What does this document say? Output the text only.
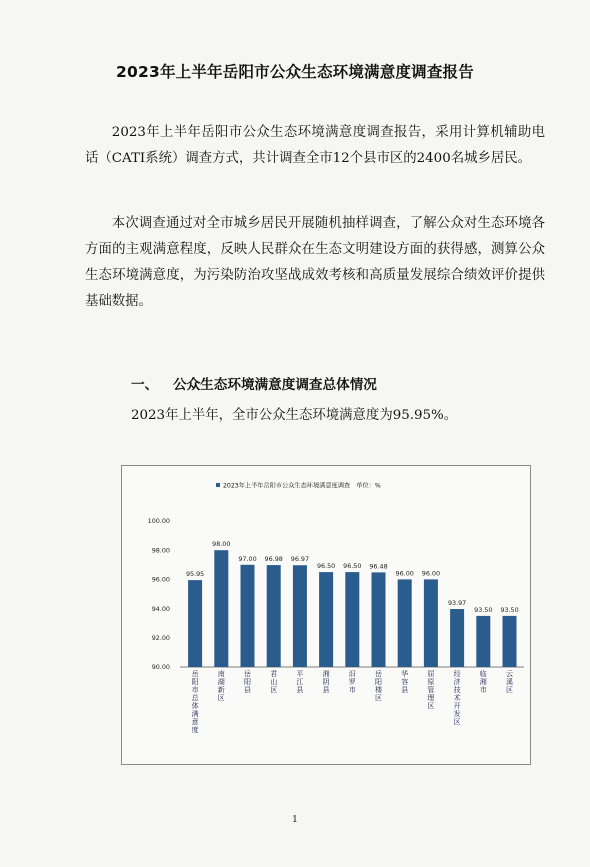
2023年上半年岳阳市公众生态环境满意度调查报告
2023年上半年岳阳市公众生态环境满意度调查报告，采用计算机辅助电话（CATI系统）调查方式，共计调查全市12个县市区的2400名城乡居民。
本次调查通过对全市城乡居民开展随机抽样调查，了解公众对生态环境各方面的主观满意程度，反映人民群众在生态文明建设方面的获得感，测算公众生态环境满意度，为污染防治攻坚战成效考核和高质量发展综合绩效评价提供基础数据。
一、 公众生态环境满意度调查总体情况
2023年上半年，全市公众生态环境满意度为95.95%。
2023年上半年岳阳市公众生态环境满意度调查　单位：%
90.00
92.00
94.00
96.00
98.00
100.00
95.95
98.00
97.00 96.98 96.97
96.50 96.50 96.48
96.00 96.00
93.97
93.50 93.50
岳阳市总体满意度
南湖新区
岳阳县
君山区
平江县
湘阴县
汨罗市
岳阳楼区
华容县
屈原管理区
经济技术开发区
临湘市
云溪区
1
